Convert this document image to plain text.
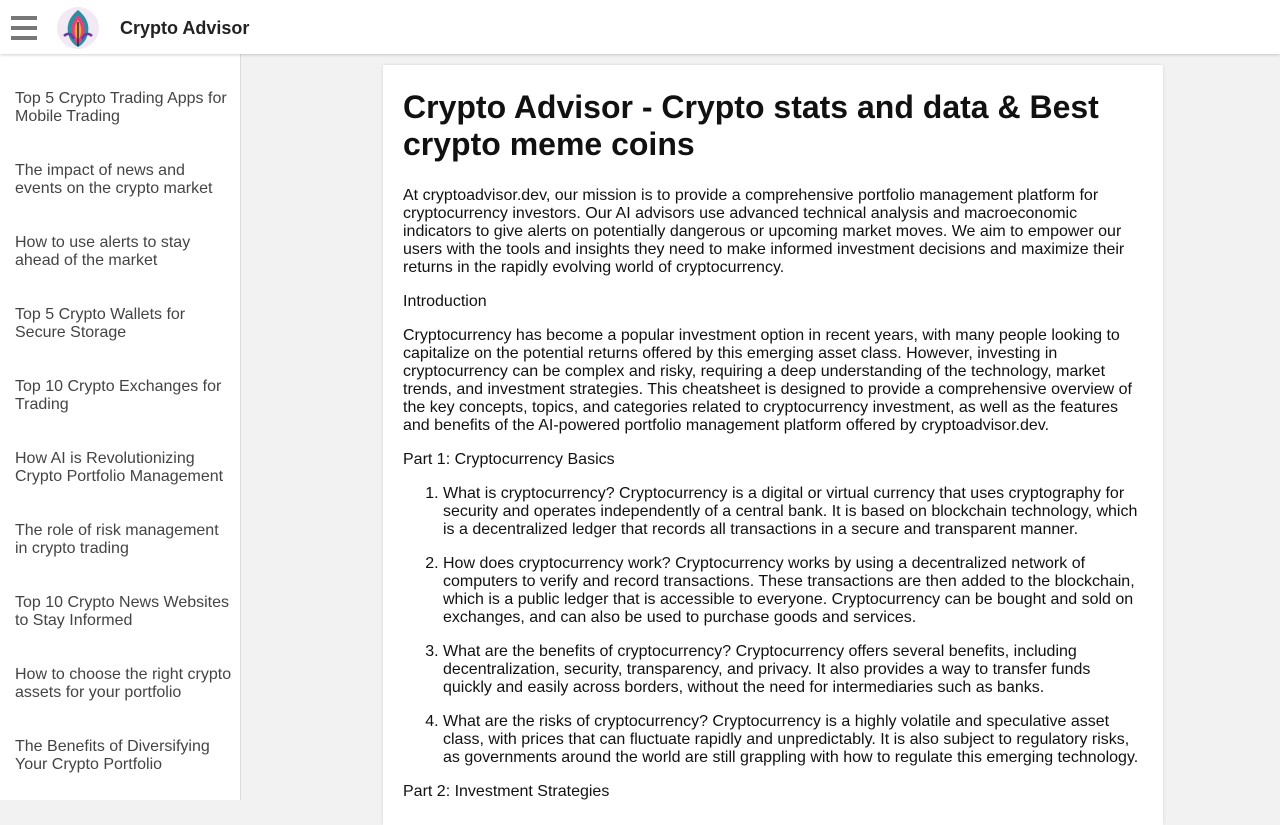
Crypto Advisor
Top 5 Crypto Trading Apps for Mobile Trading
The impact of news and events on the crypto market
How to use alerts to stay ahead of the market
Top 5 Crypto Wallets for Secure Storage
Top 10 Crypto Exchanges for Trading
How AI is Revolutionizing Crypto Portfolio Management
The role of risk management in crypto trading
Top 10 Crypto News Websites to Stay Informed
How to choose the right crypto assets for your portfolio
The Benefits of Diversifying Your Crypto Portfolio
Crypto Advisor - Crypto stats and data & Best crypto meme coins

At cryptoadvisor.dev, our mission is to provide a comprehensive portfolio management platform for cryptocurrency investors. Our AI advisors use advanced technical analysis and macroeconomic indicators to give alerts on potentially dangerous or upcoming market moves. We aim to empower our users with the tools and insights they need to make informed investment decisions and maximize their returns in the rapidly evolving world of cryptocurrency.

Introduction

Cryptocurrency has become a popular investment option in recent years, with many people looking to capitalize on the potential returns offered by this emerging asset class. However, investing in cryptocurrency can be complex and risky, requiring a deep understanding of the technology, market trends, and investment strategies. This cheatsheet is designed to provide a comprehensive overview of the key concepts, topics, and categories related to cryptocurrency investment, as well as the features and benefits of the AI-powered portfolio management platform offered by cryptoadvisor.dev.

Part 1: Cryptocurrency Basics

1. What is cryptocurrency? Cryptocurrency is a digital or virtual currency that uses cryptography for security and operates independently of a central bank. It is based on blockchain technology, which is a decentralized ledger that records all transactions in a secure and transparent manner.
2. How does cryptocurrency work? Cryptocurrency works by using a decentralized network of computers to verify and record transactions. These transactions are then added to the blockchain, which is a public ledger that is accessible to everyone. Cryptocurrency can be bought and sold on exchanges, and can also be used to purchase goods and services.
3. What are the benefits of cryptocurrency? Cryptocurrency offers several benefits, including decentralization, security, transparency, and privacy. It also provides a way to transfer funds quickly and easily across borders, without the need for intermediaries such as banks.
4. What are the risks of cryptocurrency? Cryptocurrency is a highly volatile and speculative asset class, with prices that can fluctuate rapidly and unpredictably. It is also subject to regulatory risks, as governments around the world are still grappling with how to regulate this emerging technology.

Part 2: Investment Strategies
